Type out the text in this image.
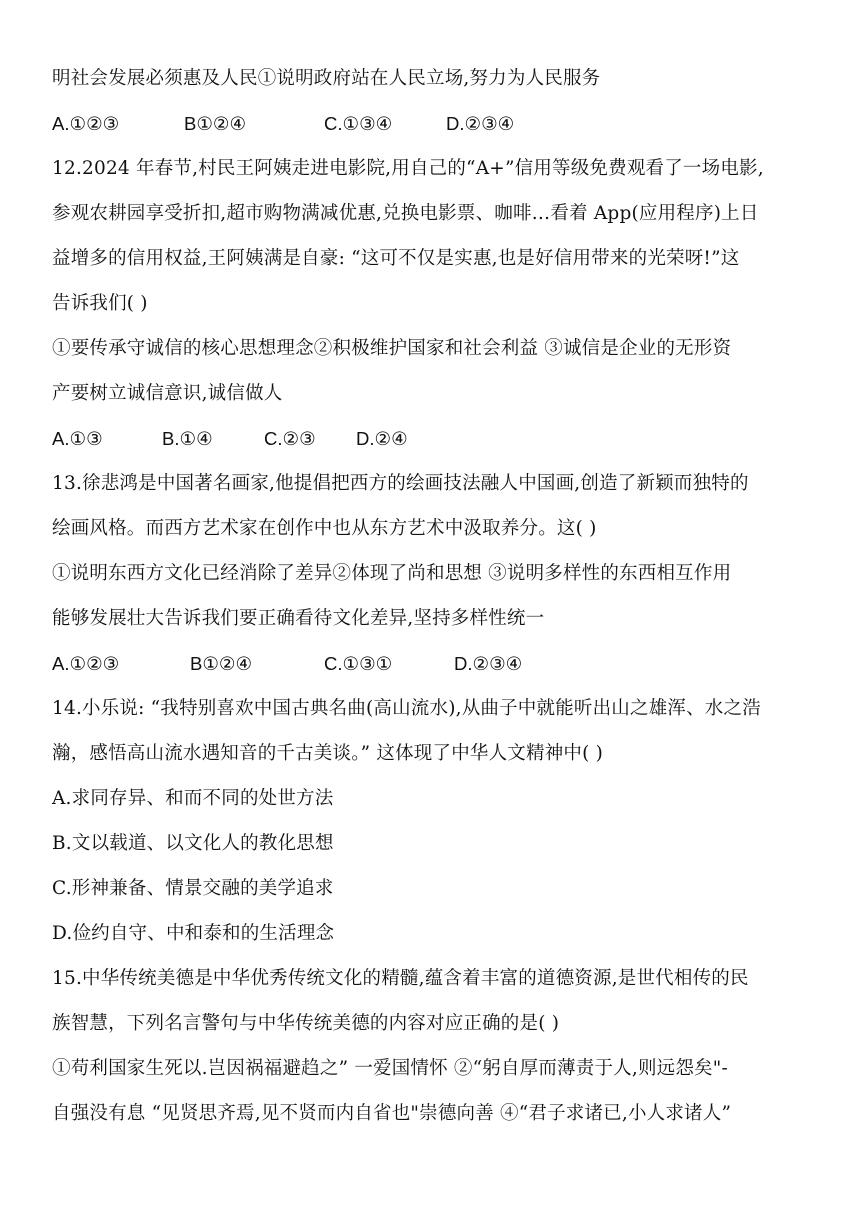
明社会发展必须惠及人民①说明政府站在人民立场,努力为人民服务
A.①②③	B①②④	C.①③④	D.②③④
12.2024 年春节,村民王阿姨走进电影院,用自己的“A+”信用等级免费观看了一场电影,
参观农耕园享受折扣,超市购物满减优惠,兑换电影票、咖啡…看着 App(应用程序)上日
益增多的信用权益,王阿姨满是自豪: “这可不仅是实惠,也是好信用带来的光荣呀!”这
告诉我们( )
①要传承守诚信的核心思想理念②积极维护国家和社会利益 ③诚信是企业的无形资
产要树立诚信意识,诚信做人
A.①③	B.①④	C.②③	D.②④
13.徐悲鸿是中国著名画家,他提倡把西方的绘画技法融人中国画,创造了新颖而独特的
绘画风格。而西方艺术家在创作中也从东方艺术中汲取养分。这( )
①说明东西方文化已经消除了差异②体现了尚和思想 ③说明多样性的东西相互作用
能够发展壮大告诉我们要正确看待文化差异,坚持多样性统一
A.①②③	B①②④	C.①③①	D.②③④
14.小乐说: “我特别喜欢中国古典名曲(高山流水),从曲子中就能听出山之雄浑、水之浩
瀚，感悟高山流水遇知音的千古美谈。” 这体现了中华人文精神中( )
A.求同存异、和而不同的处世方法
B.文以载道、以文化人的教化思想
C.形神兼备、情景交融的美学追求
D.俭约自守、中和泰和的生活理念
15.中华传统美德是中华优秀传统文化的精髓,蕴含着丰富的道德资源,是世代相传的民
族智慧，下列名言警句与中华传统美德的内容对应正确的是( )
①苟利国家生死以.岂因祸福避趋之” 一爱国情怀 ②“躬自厚而薄责于人,则远怨矣"-
自强没有息 “见贤思齐焉,见不贤而内自省也"崇德向善 ④“君子求诸已,小人求诸人”
